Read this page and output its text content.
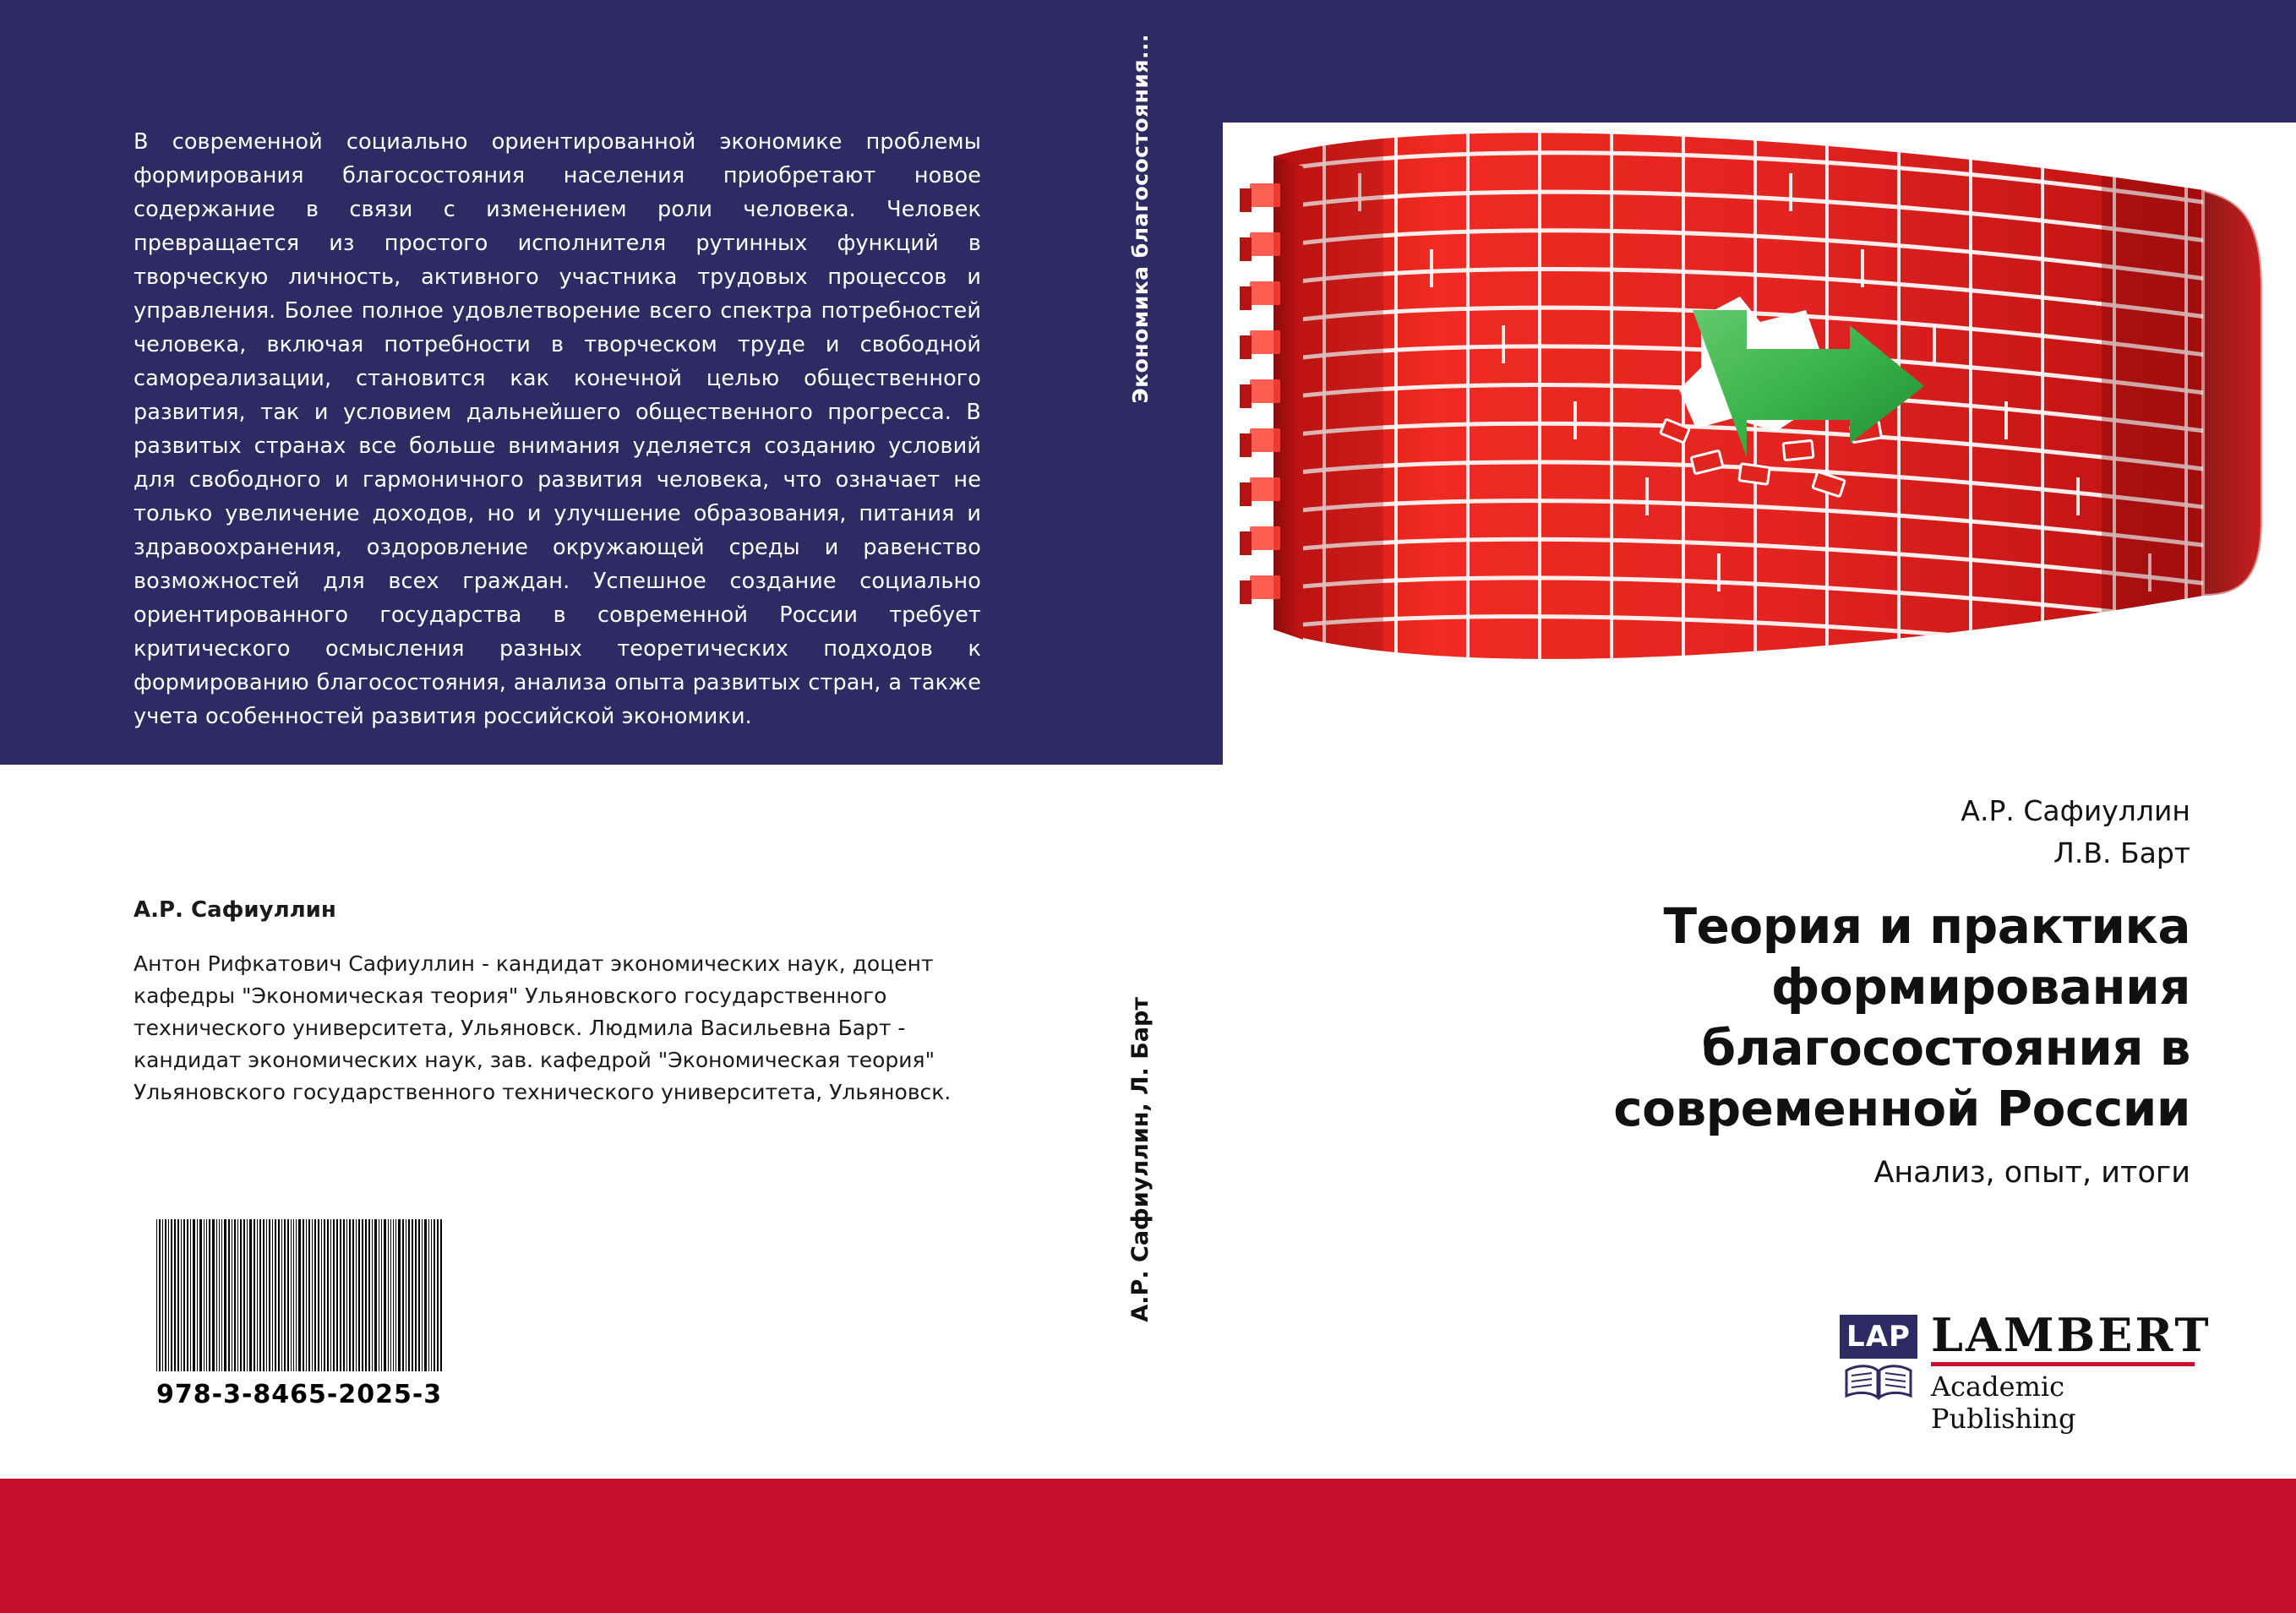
В современной социально ориентированной экономике проблемы формирования благосостояния населения приобретают новое содержание в связи с изменением роли человека. Человек превращается из простого исполнителя рутинных функций в творческую личность, активного участника трудовых процессов и управления. Более полное удовлетворение всего спектра потребностей человека, включая потребности в творческом труде и свободной самореализации, становится как конечной целью общественного развития, так и условием дальнейшего общественного прогресса. В развитых странах все больше внимания уделяется созданию условий для свободного и гармоничного развития человека, что означает не только увеличение доходов, но и улучшение образования, питания и здравоохранения, оздоровление окружающей среды и равенство возможностей для всех граждан. Успешное создание социально ориентированного государства в современной России требует критического осмысления разных теоретических подходов к формированию благосостояния, анализа опыта развитых стран, а также учета особенностей развития российской экономики.
А.Р. Сафиуллин
Антон Рифкатович Сафиуллин - кандидат экономических наук, доцент кафедры "Экономическая теория" Ульяновского государственного технического университета, Ульяновск. Людмила Васильевна Барт - кандидат экономических наук, зав. кафедрой "Экономическая теория" Ульяновского государственного технического университета, Ульяновск.
978-3-8465-2025-3
Экономика благосостояния...
А.Р. Сафиуллин, Л. Барт
А.Р. Сафиуллин
Л.В. Барт
Теория и практика формирования благосостояния в современной России
Анализ, опыт, итоги
LAP LAMBERT
Academic Publishing
